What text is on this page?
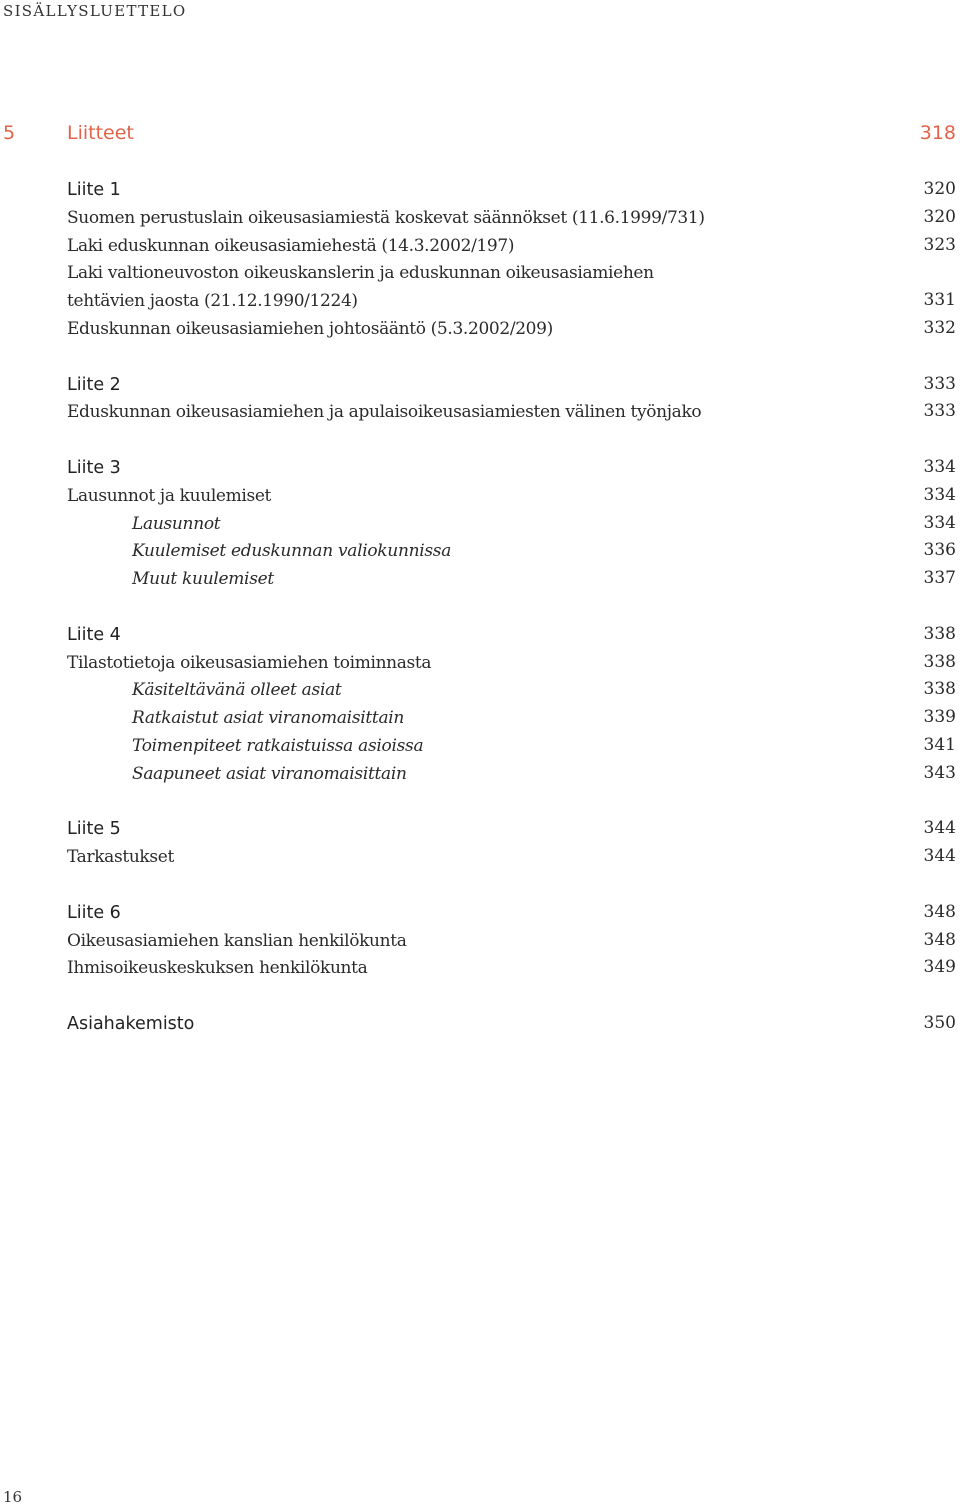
SISÄLLYSLUETTELO
5	Liitteet	318
Liite 1	320
Suomen perustuslain oikeusasiamiestä koskevat säännökset (11.6.1999/731)	320
Laki eduskunnan oikeusasiamiehestä (14.3.2002/197)	323
Laki valtioneuvoston oikeuskanslerin ja eduskunnan oikeusasiamiehen
tehtävien jaosta (21.12.1990/1224)	331
Eduskunnan oikeusasiamiehen johtosääntö (5.3.2002/209)	332
Liite 2	333
Eduskunnan oikeusasiamiehen ja apulaisoikeusasiamiesten välinen työnjako	333
Liite 3	334
Lausunnot ja kuulemiset	334
Lausunnot	334
Kuulemiset eduskunnan valiokunnissa	336
Muut kuulemiset	337
Liite 4	338
Tilastotietoja oikeusasiamiehen toiminnasta	338
Käsiteltävänä olleet asiat	338
Ratkaistut asiat viranomaisittain	339
Toimenpiteet ratkaistuissa asioissa	341
Saapuneet asiat viranomaisittain	343
Liite 5	344
Tarkastukset	344
Liite 6	348
Oikeusasiamiehen kanslian henkilökunta	348
Ihmisoikeuskeskuksen henkilökunta	349
Asiahakemisto	350
16
